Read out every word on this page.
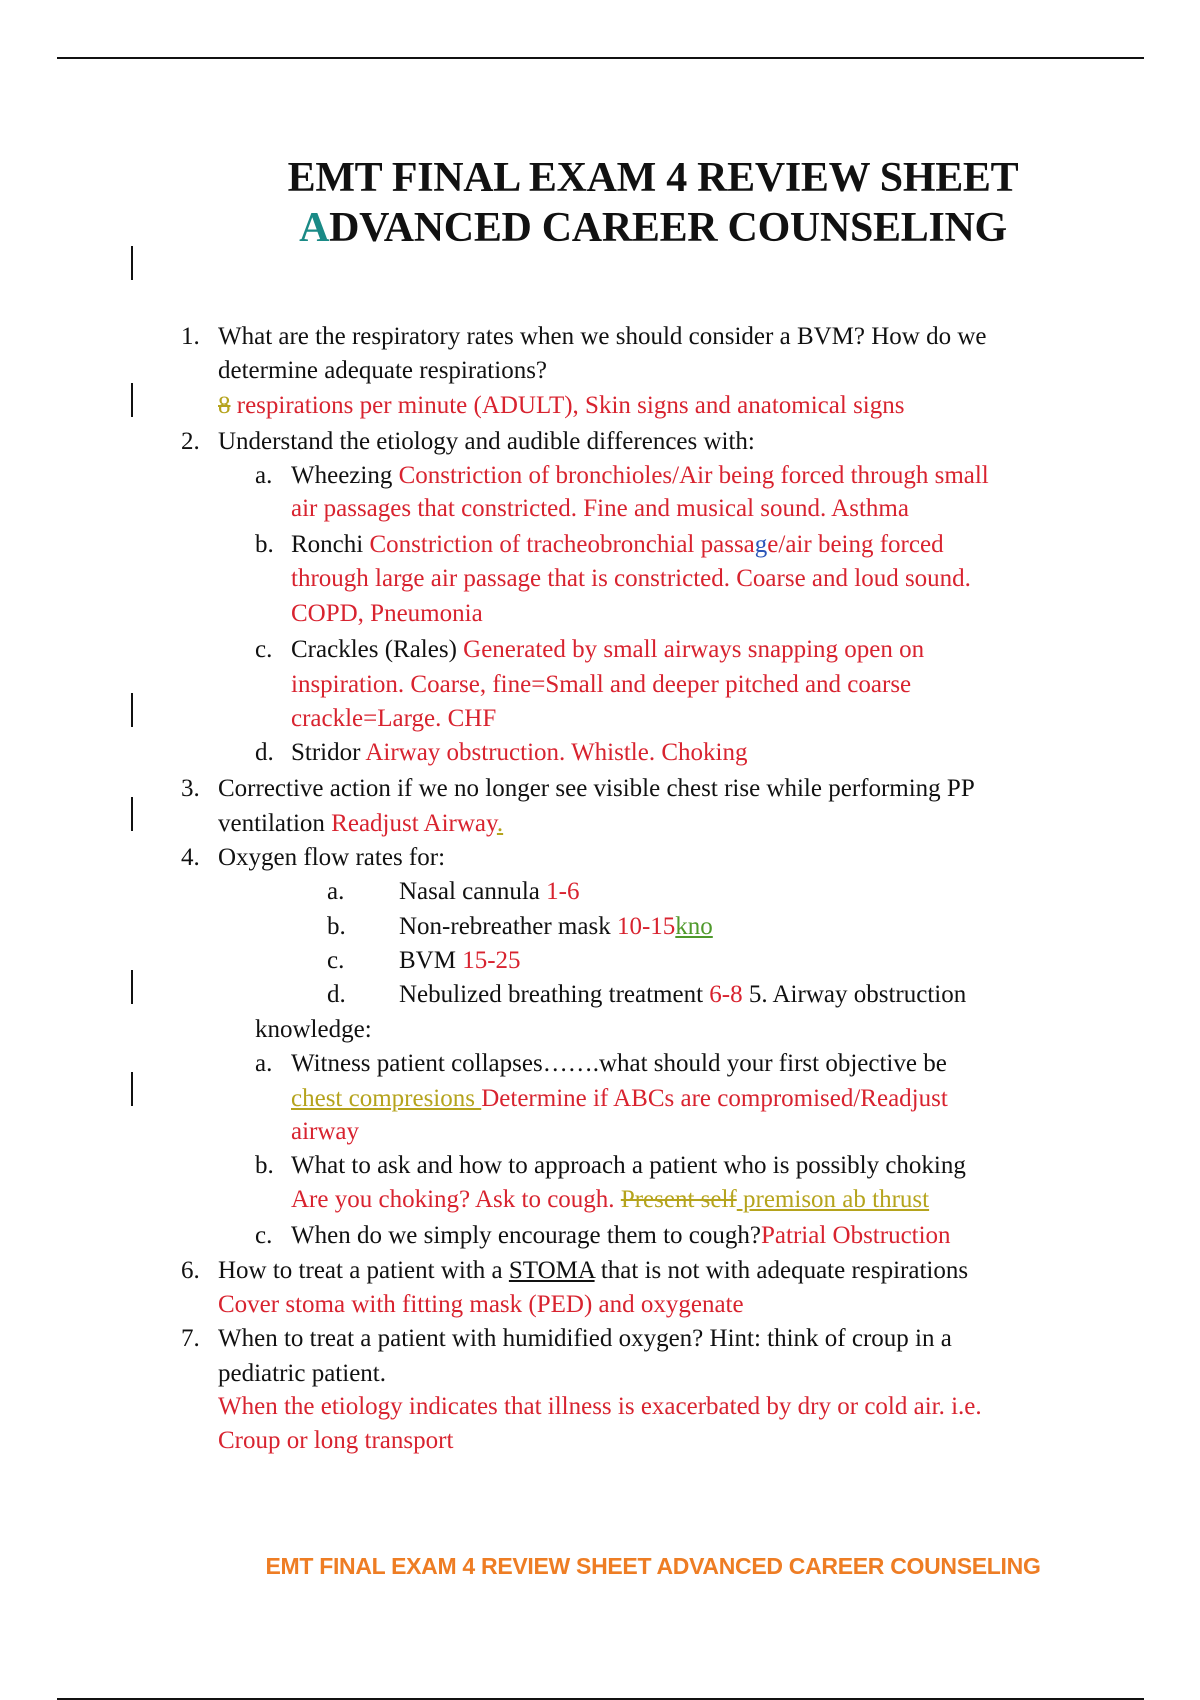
EMT FINAL EXAM 4 REVIEW SHEET
ADVANCED CAREER COUNSELING
1. What are the respiratory rates when we should consider a BVM? How do we
determine adequate respirations?
8 respirations per minute (ADULT), Skin signs and anatomical signs
2. Understand the etiology and audible differences with:
a. Wheezing Constriction of bronchioles/Air being forced through small
air passages that constricted. Fine and musical sound. Asthma
b. Ronchi Constriction of tracheobronchial passage/air being forced
through large air passage that is constricted. Coarse and loud sound.
COPD, Pneumonia
c. Crackles (Rales) Generated by small airways snapping open on
inspiration. Coarse, fine=Small and deeper pitched and coarse
crackle=Large. CHF
d. Stridor Airway obstruction. Whistle. Choking
3. Corrective action if we no longer see visible chest rise while performing PP
ventilation Readjust Airway.
4. Oxygen flow rates for:
a. Nasal cannula 1-6
b. Non-rebreather mask 10-15kno
c. BVM 15-25
d. Nebulized breathing treatment 6-8 5. Airway obstruction
knowledge:
a. Witness patient collapses…….what should your first objective be
chest compresions Determine if ABCs are compromised/Readjust
airway
b. What to ask and how to approach a patient who is possibly choking
Are you choking? Ask to cough. Present self premison ab thrust
c. When do we simply encourage them to cough?Patrial Obstruction
6. How to treat a patient with a STOMA that is not with adequate respirations
Cover stoma with fitting mask (PED) and oxygenate
7. When to treat a patient with humidified oxygen? Hint: think of croup in a
pediatric patient.
When the etiology indicates that illness is exacerbated by dry or cold air. i.e.
Croup or long transport
EMT FINAL EXAM 4 REVIEW SHEET ADVANCED CAREER COUNSELING
